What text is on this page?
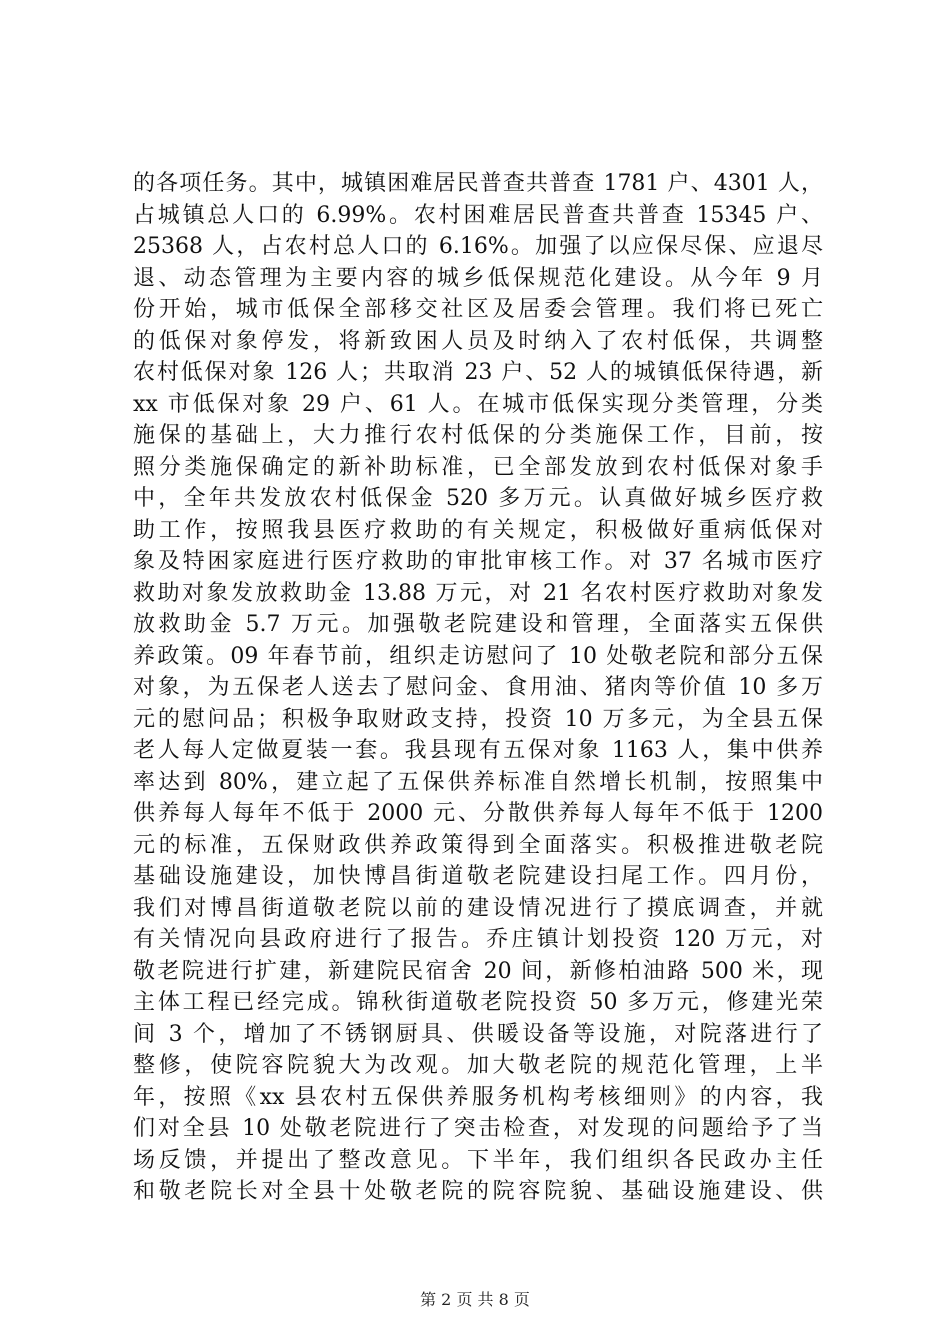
的各项任务。其中，城镇困难居民普查共普查 1781 户、4301 人，
占城镇总人口的 6.99%。农村困难居民普查共普查 15345 户、
25368 人，占农村总人口的 6.16%。加强了以应保尽保、应退尽
退、动态管理为主要内容的城乡低保规范化建设。从今年 9 月
份开始，城市低保全部移交社区及居委会管理。我们将已死亡
的低保对象停发，将新致困人员及时纳入了农村低保，共调整
农村低保对象 126 人；共取消 23 户、52 人的城镇低保待遇，新
xx 市低保对象 29 户、61 人。在城市低保实现分类管理，分类
施保的基础上，大力推行农村低保的分类施保工作，目前，按
照分类施保确定的新补助标准，已全部发放到农村低保对象手
中，全年共发放农村低保金 520 多万元。认真做好城乡医疗救
助工作，按照我县医疗救助的有关规定，积极做好重病低保对
象及特困家庭进行医疗救助的审批审核工作。对 37 名城市医疗
救助对象发放救助金 13.88 万元，对 21 名农村医疗救助对象发
放救助金 5.7 万元。加强敬老院建设和管理，全面落实五保供
养政策。09 年春节前，组织走访慰问了 10 处敬老院和部分五保
对象，为五保老人送去了慰问金、食用油、猪肉等价值 10 多万
元的慰问品；积极争取财政支持，投资 10 万多元，为全县五保
老人每人定做夏装一套。我县现有五保对象 1163 人，集中供养
率达到 80%，建立起了五保供养标准自然增长机制，按照集中
供养每人每年不低于 2000 元、分散供养每人每年不低于 1200
元的标准，五保财政供养政策得到全面落实。积极推进敬老院
基础设施建设，加快博昌街道敬老院建设扫尾工作。四月份，
我们对博昌街道敬老院以前的建设情况进行了摸底调查，并就
有关情况向县政府进行了报告。乔庄镇计划投资 120 万元，对
敬老院进行扩建，新建院民宿舍 20 间，新修柏油路 500 米，现
主体工程已经完成。锦秋街道敬老院投资 50 多万元，修建光荣
间 3 个，增加了不锈钢厨具、供暖设备等设施，对院落进行了
整修，使院容院貌大为改观。加大敬老院的规范化管理，上半
年，按照《xx 县农村五保供养服务机构考核细则》的内容，我
们对全县 10 处敬老院进行了突击检查，对发现的问题给予了当
场反馈，并提出了整改意见。下半年，我们组织各民政办主任
和敬老院长对全县十处敬老院的院容院貌、基础设施建设、供
第 2 页 共 8 页
